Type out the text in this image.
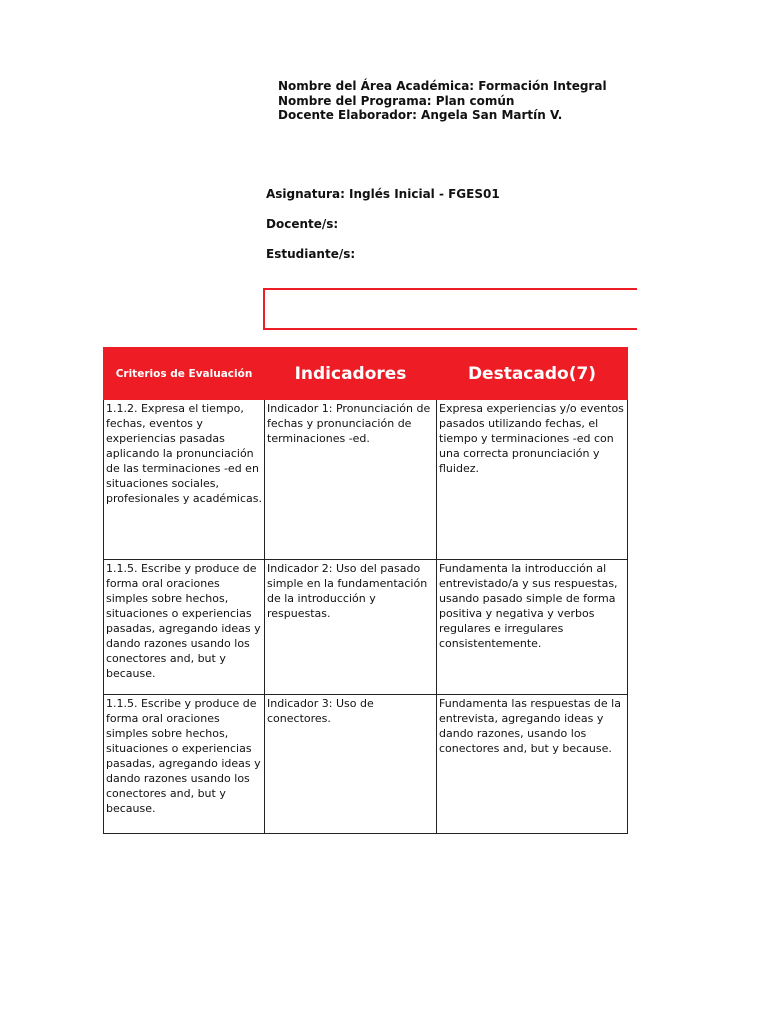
Nombre del Área Académica: Formación Integral
Nombre del Programa: Plan común
Docente Elaborador: Angela San Martín V.
Asignatura: Inglés Inicial - FGES01
Docente/s:
Estudiante/s:
Criterios de Evaluación	Indicadores	Destacado(7)
1.1.2. Expresa el tiempo, fechas, eventos y experiencias pasadas aplicando la pronunciación de las terminaciones -ed en situaciones sociales, profesionales y académicas.	Indicador 1: Pronunciación de fechas y pronunciación de terminaciones -ed.	Expresa experiencias y/o eventos pasados utilizando fechas, el tiempo y terminaciones -ed con una correcta pronunciación y fluidez.
1.1.5. Escribe y produce de forma oral oraciones simples sobre hechos, situaciones o experiencias pasadas, agregando ideas y dando razones usando los conectores and, but y because.	Indicador 2: Uso del pasado simple en la fundamentación de la introducción y respuestas.	Fundamenta la introducción al entrevistado/a y sus respuestas, usando pasado simple de forma positiva y negativa y verbos regulares e irregulares consistentemente.
1.1.5. Escribe y produce de forma oral oraciones simples sobre hechos, situaciones o experiencias pasadas, agregando ideas y dando razones usando los conectores and, but y because.	Indicador 3: Uso de conectores.	Fundamenta las respuestas de la entrevista, agregando ideas y dando razones, usando los conectores and, but y because.
